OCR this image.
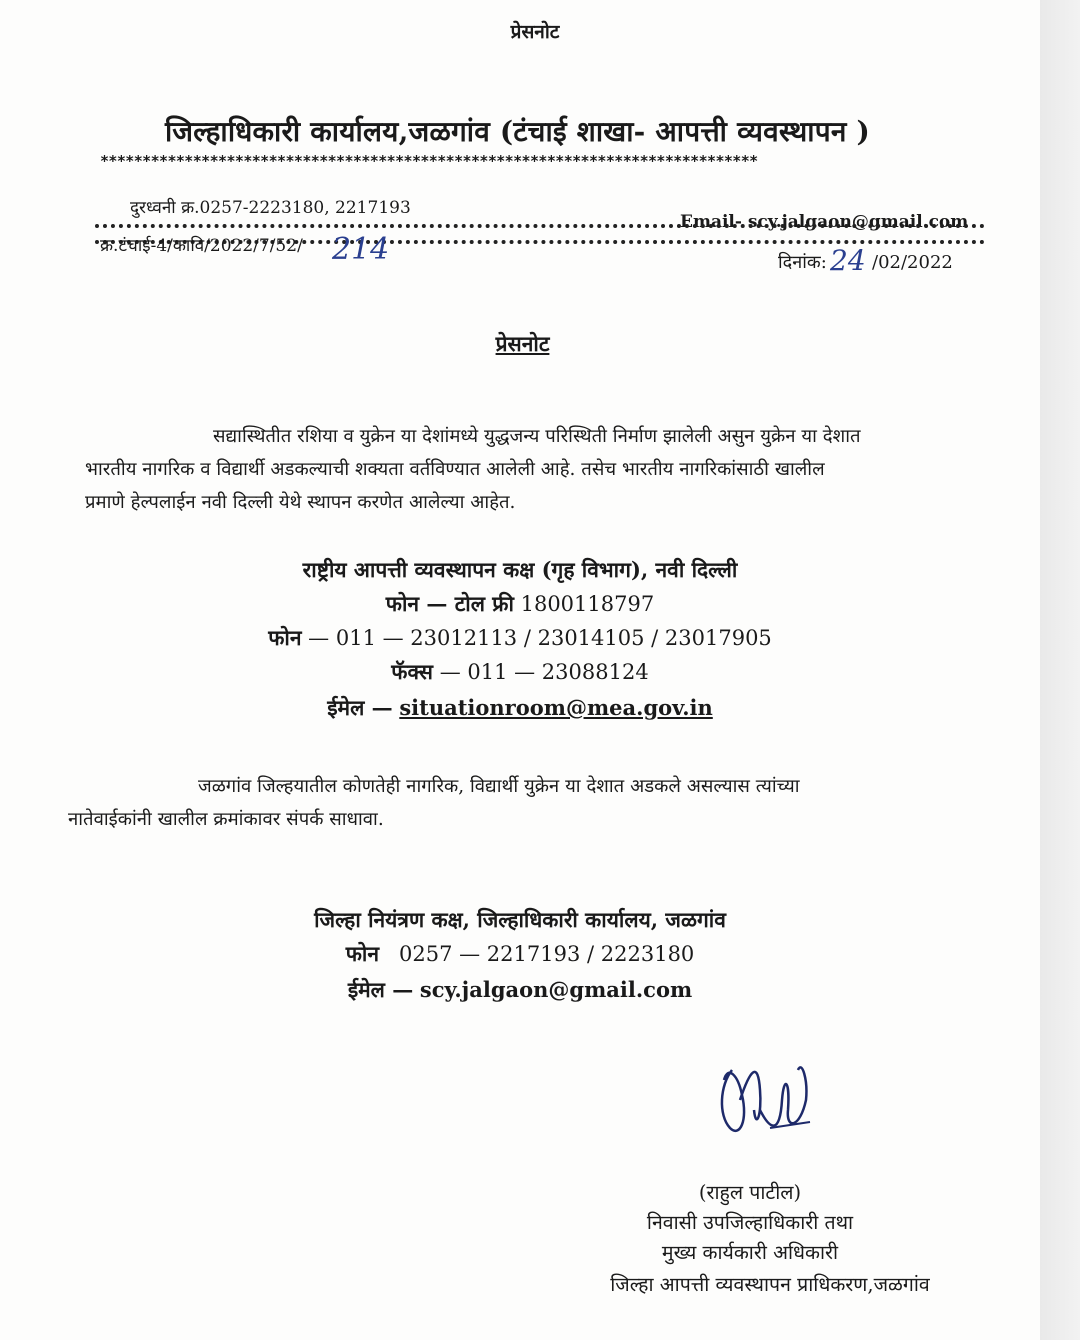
प्रेसनोट
जिल्हाधिकारी कार्यालय,जळगांव (टंचाई शाखा- आपत्ती व्यवस्थापन )
******************************************************************************
दुरध्वनी क्र.0257-2223180, 2217193
Email- scy.jalgaon@gmail.com
क्र.टंचाई-4/कावि/2022/7/52/ 214	दिनांक: 24 /02/2022
प्रेसनोट
सद्यास्थितीत रशिया व युक्रेन या देशांमध्ये युद्धजन्य परिस्थिती निर्माण झालेली असुन युक्रेन या देशात
भारतीय नागरिक व विद्यार्थी अडकल्याची शक्यता वर्तविण्यात आलेली आहे. तसेच भारतीय नागरिकांसाठी खालील
प्रमाणे हेल्पलाईन नवी दिल्ली येथे स्थापन करणेत आलेल्या आहेत.
राष्ट्रीय आपत्ती व्यवस्थापन कक्ष (गृह विभाग), नवी दिल्ली
फोन — टोल फ्री 1800118797
फोन — 011 — 23012113 / 23014105 / 23017905
फॅक्स — 011 — 23088124
ईमेल — situationroom@mea.gov.in
जळगांव जिल्हयातील कोणतेही नागरिक, विद्यार्थी युक्रेन या देशात अडकले असल्यास त्यांच्या
नातेवाईकांनी खालील क्रमांकावर संपर्क साधावा.
जिल्हा नियंत्रण कक्ष, जिल्हाधिकारी कार्यालय, जळगांव
फोन 0257 — 2217193 / 2223180
ईमेल — scy.jalgaon@gmail.com
(राहुल पाटील)
निवासी उपजिल्हाधिकारी तथा
मुख्य कार्यकारी अधिकारी
जिल्हा आपत्ती व्यवस्थापन प्राधिकरण,जळगांव
